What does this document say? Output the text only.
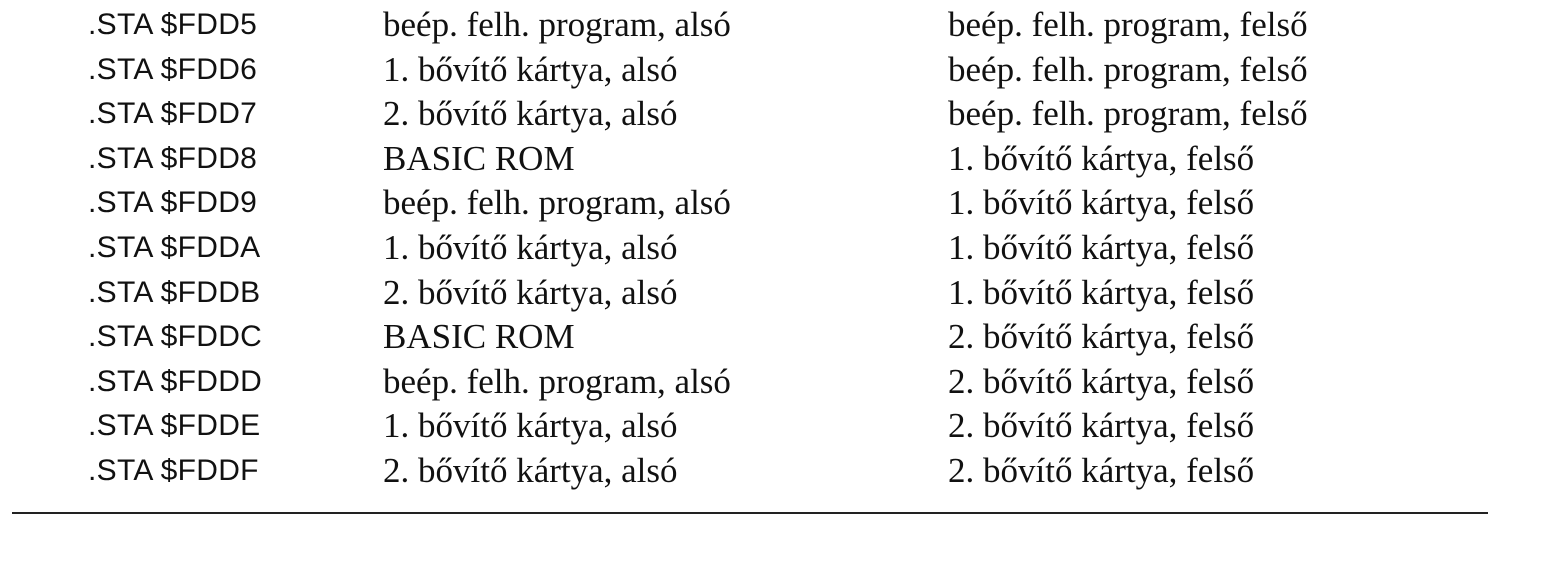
.STA $FDD5	beép. felh. program, alsó	beép. felh. program, felső
.STA $FDD6	1. bővítő kártya, alsó	beép. felh. program, felső
.STA $FDD7	2. bővítő kártya, alsó	beép. felh. program, felső
.STA $FDD8	BASIC ROM	1. bővítő kártya, felső
.STA $FDD9	beép. felh. program, alsó	1. bővítő kártya, felső
.STA $FDDA	1. bővítő kártya, alsó	1. bővítő kártya, felső
.STA $FDDB	2. bővítő kártya, alsó	1. bővítő kártya, felső
.STA $FDDC	BASIC ROM	2. bővítő kártya, felső
.STA $FDDD	beép. felh. program, alsó	2. bővítő kártya, felső
.STA $FDDE	1. bővítő kártya, alsó	2. bővítő kártya, felső
.STA $FDDF	2. bővítő kártya, alsó	2. bővítő kártya, felső
